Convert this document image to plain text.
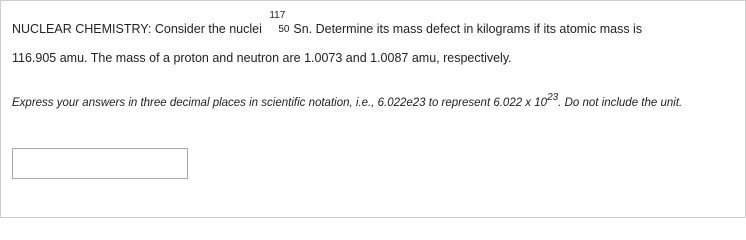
NUCLEAR CHEMISTRY: Consider the nuclei
117
50 Sn. Determine its mass defect in kilograms if its atomic mass is
116.905 amu. The mass of a proton and neutron are 1.0073 and 1.0087 amu, respectively.
Express your answers in three decimal places in scientific notation, i.e., 6.022e23 to represent 6.022 x $10^{23}$. Do not include the unit.
